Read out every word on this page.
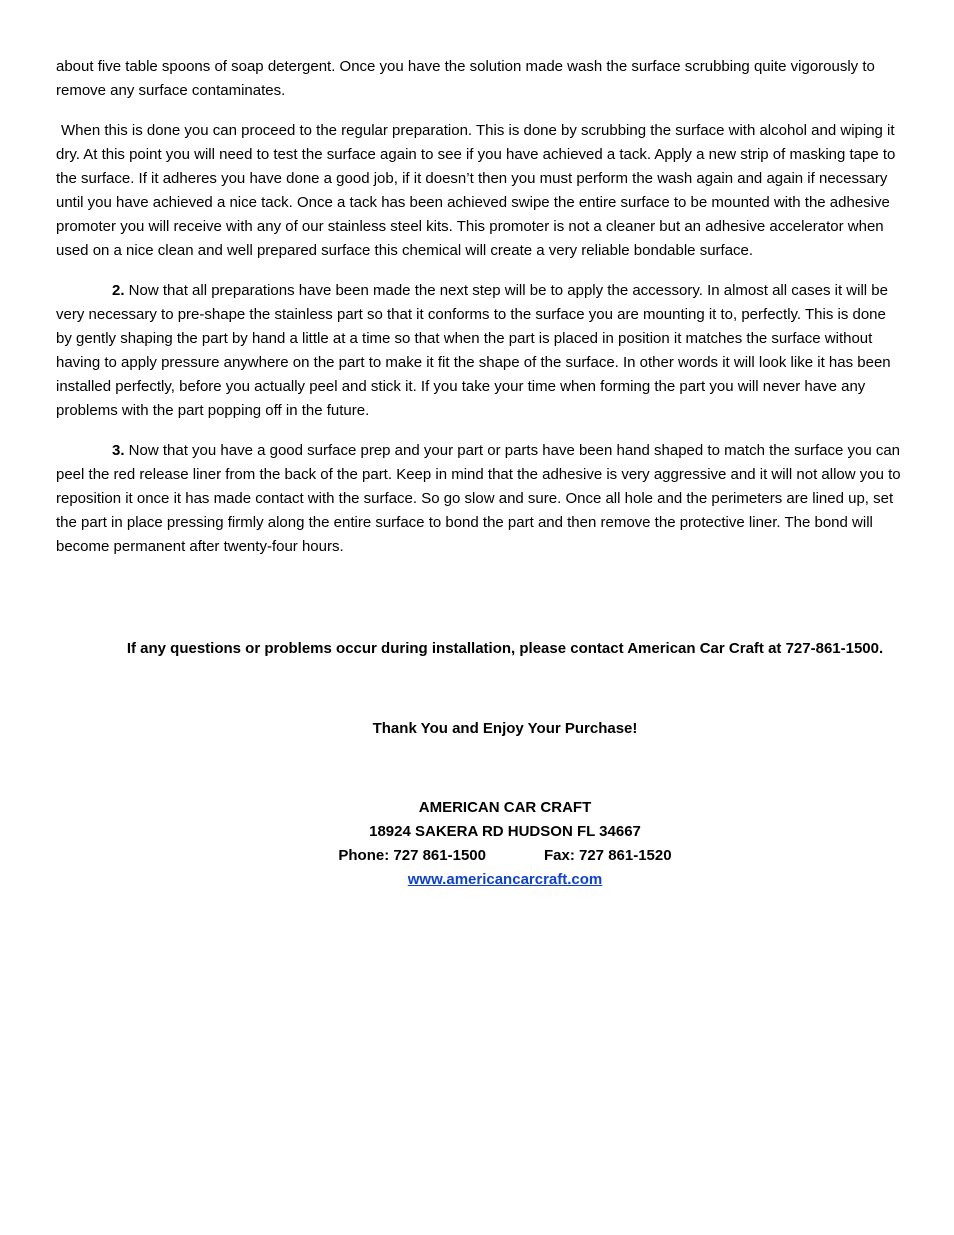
about five table spoons of soap detergent. Once you have the solution made wash the surface scrubbing quite vigorously to remove any surface contaminates.

When this is done you can proceed to the regular preparation. This is done by scrubbing the surface with alcohol and wiping it dry. At this point you will need to test the surface again to see if you have achieved a tack. Apply a new strip of masking tape to the surface. If it adheres you have done a good job, if it doesn’t then you must perform the wash again and again if necessary until you have achieved a nice tack. Once a tack has been achieved swipe the entire surface to be mounted with the adhesive promoter you will receive with any of our stainless steel kits. This promoter is not a cleaner but an adhesive accelerator when used on a nice clean and well prepared surface this chemical will create a very reliable bondable surface.

2. Now that all preparations have been made the next step will be to apply the accessory. In almost all cases it will be very necessary to pre-shape the stainless part so that it conforms to the surface you are mounting it to, perfectly. This is done by gently shaping the part by hand a little at a time so that when the part is placed in position it matches the surface without having to apply pressure anywhere on the part to make it fit the shape of the surface. In other words it will look like it has been installed perfectly, before you actually peel and stick it. If you take your time when forming the part you will never have any problems with the part popping off in the future.

3. Now that you have a good surface prep and your part or parts have been hand shaped to match the surface you can peel the red release liner from the back of the part. Keep in mind that the adhesive is very aggressive and it will not allow you to reposition it once it has made contact with the surface. So go slow and sure. Once all hole and the perimeters are lined up, set the part in place pressing firmly along the entire surface to bond the part and then remove the protective liner. The bond will become permanent after twenty-four hours.

If any questions or problems occur during installation, please contact American Car Craft at 727-861-1500.

Thank You and Enjoy Your Purchase!
AMERICAN CAR CRAFT
18924 SAKERA RD HUDSON FL 34667
Phone: 727 861-1500	Fax: 727 861-1520
www.americancarcraft.com
